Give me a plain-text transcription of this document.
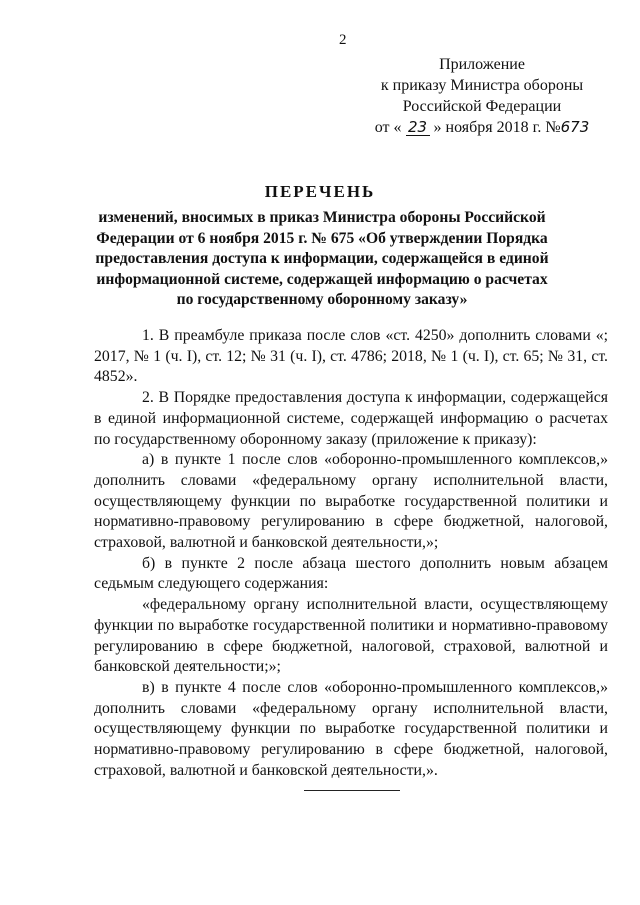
2
Приложение
к приказу Министра обороны
Российской Федерации
от « 23 » ноября 2018 г. №673
ПЕРЕЧЕНЬ
изменений, вносимых в приказ Министра обороны Российской Федерации от 6 ноября 2015 г. № 675 «Об утверждении Порядка предоставления доступа к информации, содержащейся в единой информационной системе, содержащей информацию о расчетах по государственному оборонному заказу»

1. В преамбуле приказа после слов «ст. 4250» дополнить словами «; 2017, № 1 (ч. I), ст. 12; № 31 (ч. I), ст. 4786; 2018, № 1 (ч. I), ст. 65; № 31, ст. 4852».

2. В Порядке предоставления доступа к информации, содержащейся в единой информационной системе, содержащей информацию о расчетах по государственному оборонному заказу (приложение к приказу):

а) в пункте 1 после слов «оборонно-промышленного комплексов,» дополнить словами «федеральному органу исполнительной власти, осуществляющему функции по выработке государственной политики и нормативно-правовому регулированию в сфере бюджетной, налоговой, страховой, валютной и банковской деятельности,»;

б) в пункте 2 после абзаца шестого дополнить новым абзацем седьмым следующего содержания:

«федеральному органу исполнительной власти, осуществляющему функции по выработке государственной политики и нормативно-правовому регулированию в сфере бюджетной, налоговой, страховой, валютной и банковской деятельности;»;

в) в пункте 4 после слов «оборонно-промышленного комплексов,» дополнить словами «федеральному органу исполнительной власти, осуществляющему функции по выработке государственной политики и нормативно-правовому регулированию в сфере бюджетной, налоговой, страховой, валютной и банковской деятельности,».
